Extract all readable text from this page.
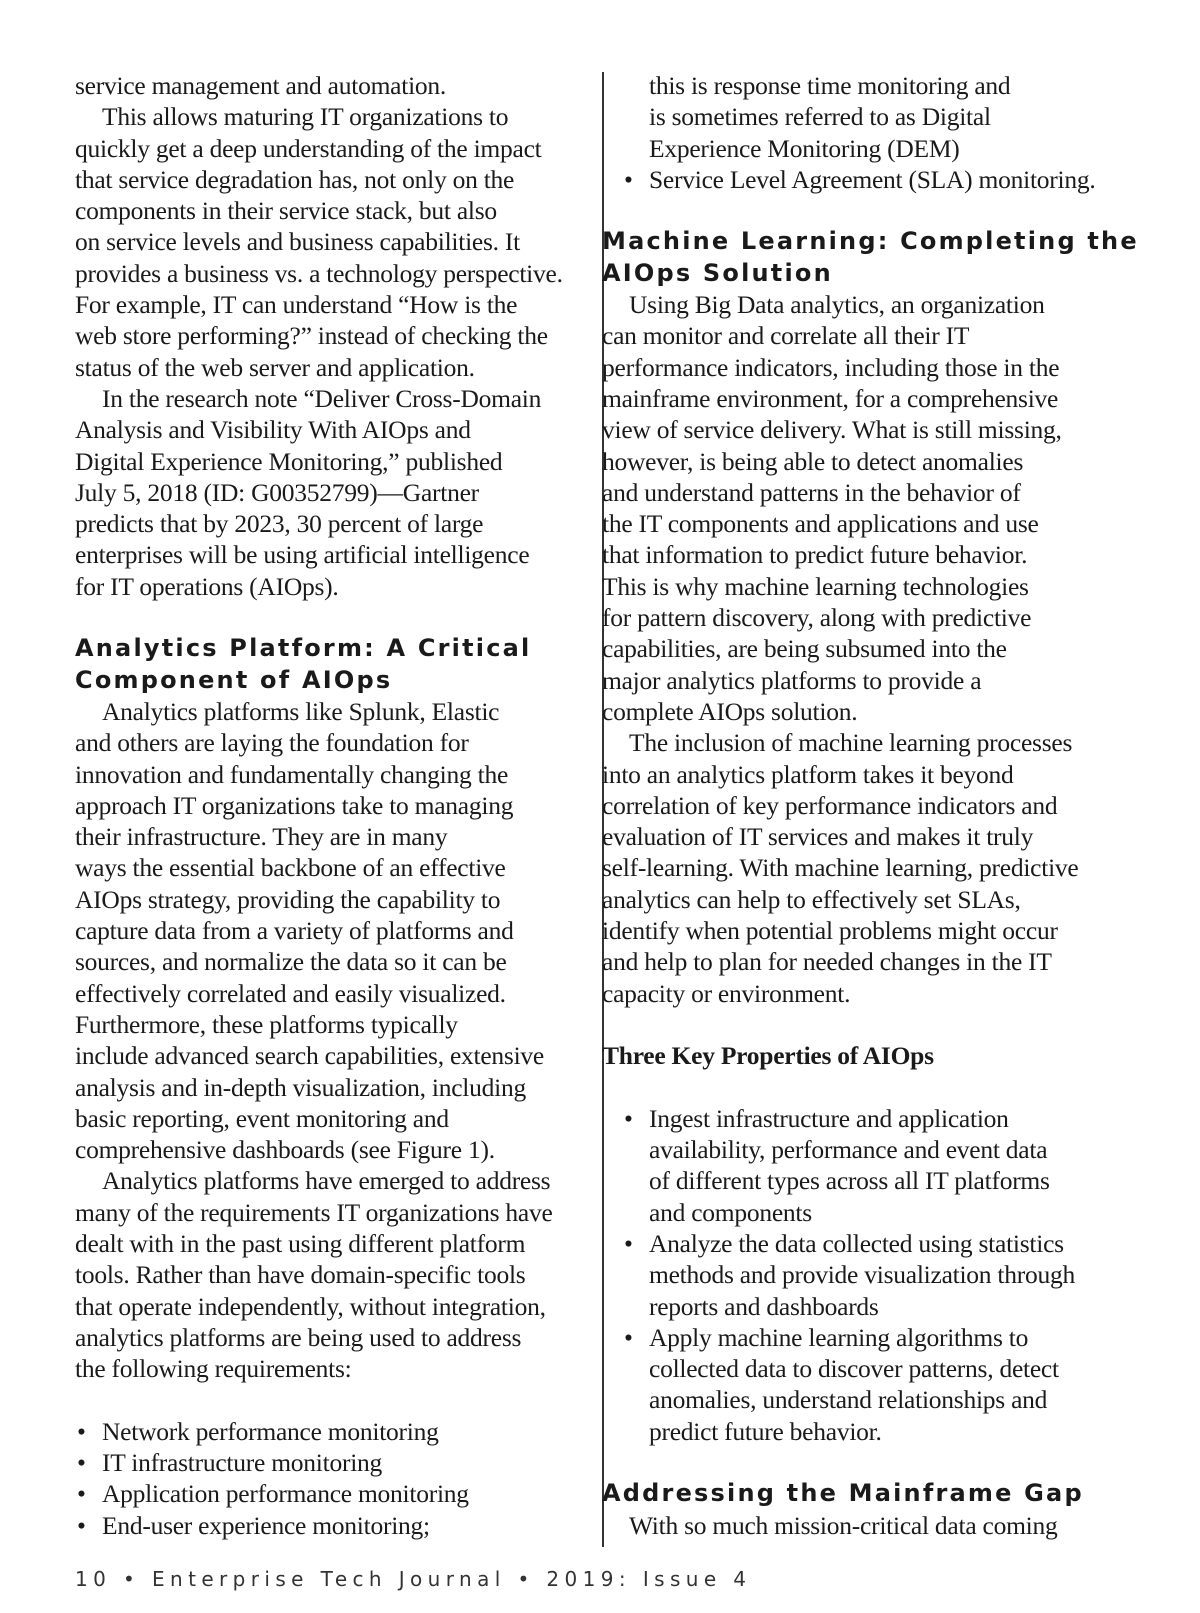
service management and automation.

This allows maturing IT organizations to

quickly get a deep understanding of the impact

that service degradation has, not only on the

components in their service stack, but also

on service levels and business capabilities. It

provides a business vs. a technology perspective.

For example, IT can understand “How is the

web store performing?” instead of checking the

status of the web server and application.

In the research note “Deliver Cross-Domain

Analysis and Visibility With AIOps and

Digital Experience Monitoring,” published

July 5, 2018 (ID: G00352799)—Gartner

predicts that by 2023, 30 percent of large

enterprises will be using artificial intelligence

for IT operations (AIOps).

Analytics Platform: A Critical
Component of AIOps

Analytics platforms like Splunk, Elastic

and others are laying the foundation for

innovation and fundamentally changing the

approach IT organizations take to managing

their infrastructure. They are in many

ways the essential backbone of an effective

AIOps strategy, providing the capability to

capture data from a variety of platforms and

sources, and normalize the data so it can be

effectively correlated and easily visualized.

Furthermore, these platforms typically

include advanced search capabilities, extensive

analysis and in-depth visualization, including

basic reporting, event monitoring and

comprehensive dashboards (see Figure 1).

Analytics platforms have emerged to address

many of the requirements IT organizations have

dealt with in the past using different platform

tools. Rather than have domain-specific tools

that operate independently, without integration,

analytics platforms are being used to address

the following requirements:

• Network performance monitoring
• IT infrastructure monitoring
• Application performance monitoring
• End-user experience monitoring;

this is response time monitoring and

is sometimes referred to as Digital

Experience Monitoring (DEM)

• Service Level Agreement (SLA) monitoring.
Machine Learning: Completing the
AIOps Solution

Using Big Data analytics, an organization

can monitor and correlate all their IT

performance indicators, including those in the

mainframe environment, for a comprehensive

view of service delivery. What is still missing,

however, is being able to detect anomalies

and understand patterns in the behavior of

the IT components and applications and use

that information to predict future behavior.

This is why machine learning technologies

for pattern discovery, along with predictive

capabilities, are being subsumed into the

major analytics platforms to provide a

complete AIOps solution.

The inclusion of machine learning processes

into an analytics platform takes it beyond

correlation of key performance indicators and

evaluation of IT services and makes it truly

self-learning. With machine learning, predictive

analytics can help to effectively set SLAs,

identify when potential problems might occur

and help to plan for needed changes in the IT

capacity or environment.

Three Key Properties of AIOps
• Ingest infrastructure and application
availability, performance and event data
of different types across all IT platforms
and components
• Analyze the data collected using statistics
methods and provide visualization through
reports and dashboards
• Apply machine learning algorithms to
collected data to discover patterns, detect
anomalies, understand relationships and
predict future behavior.
Addressing the Mainframe Gap

With so much mission-critical data coming

10 • Enterprise Tech Journal • 2019: Issue 4
